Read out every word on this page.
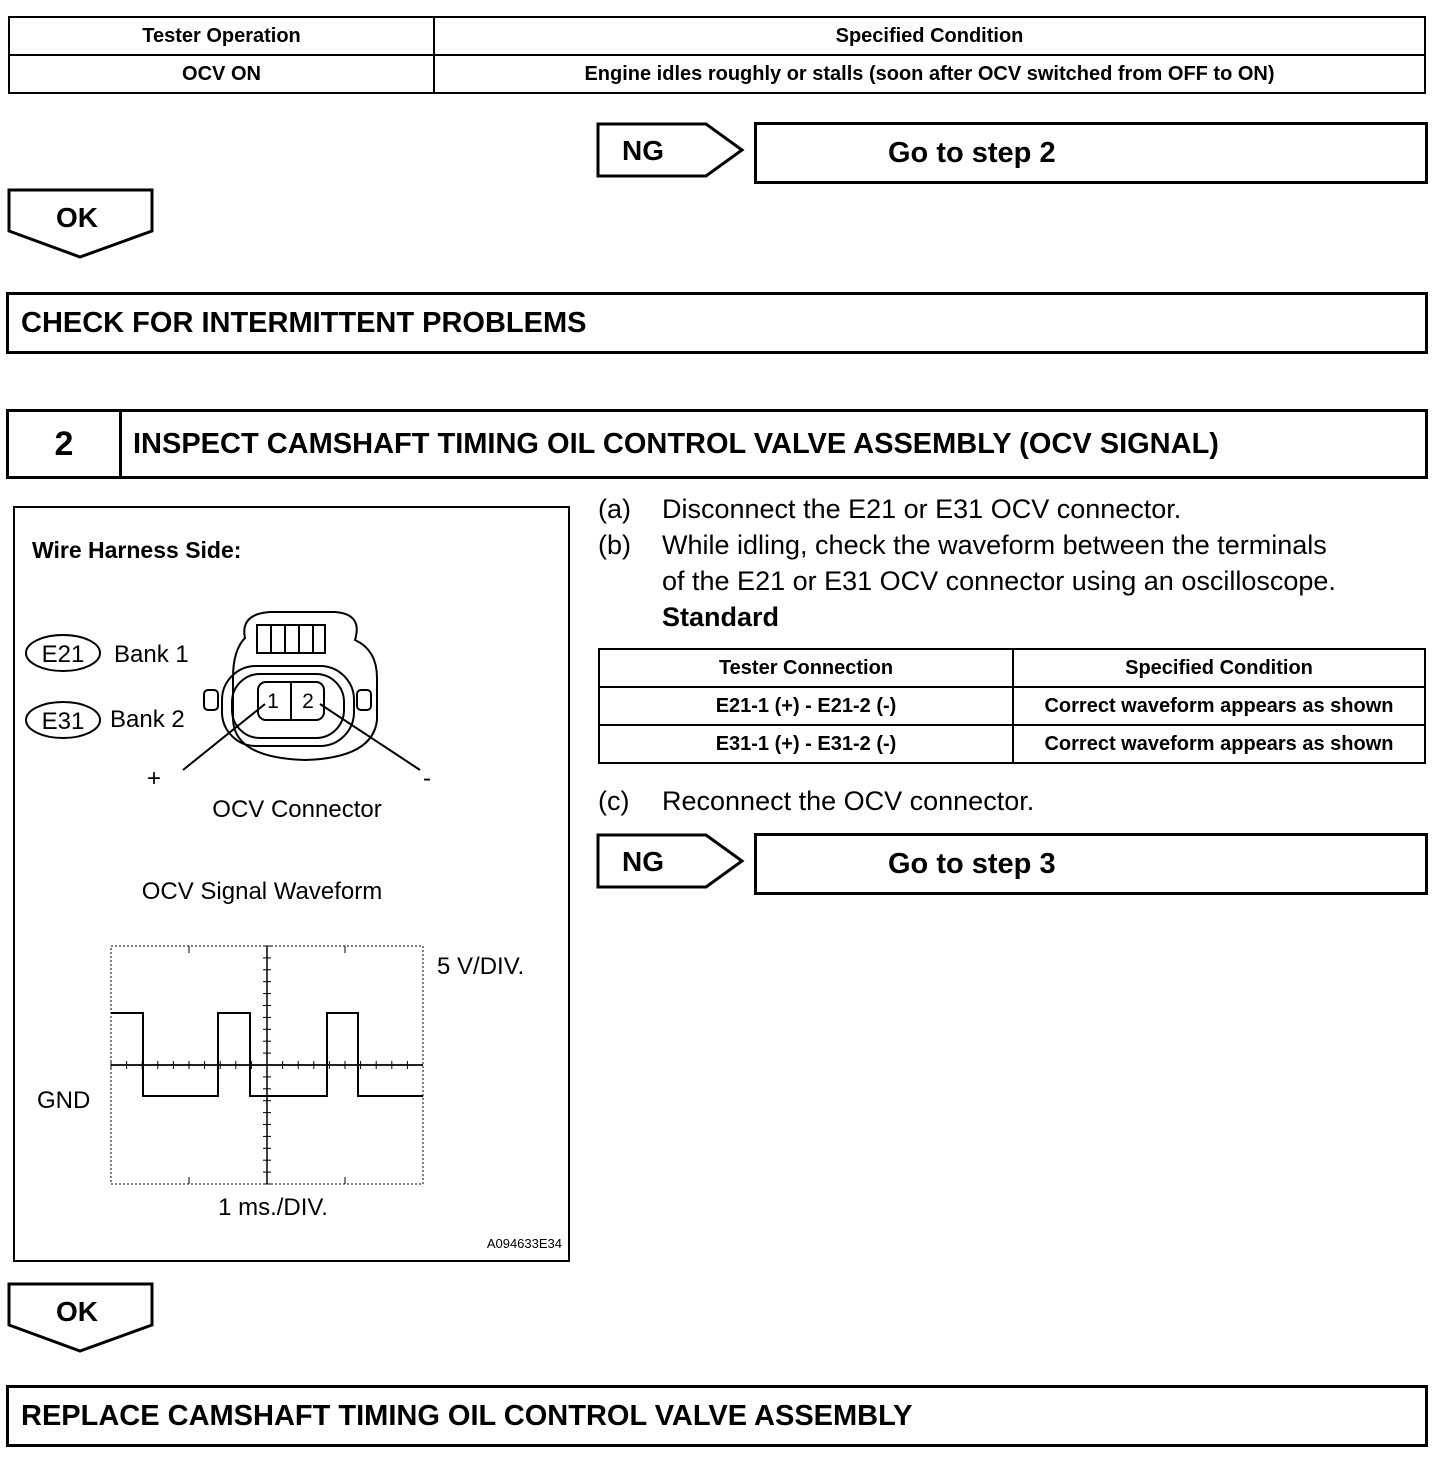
Tester Operation	Specified Condition
OCV ON	Engine idles roughly or stalls (soon after OCV switched from OFF to ON)
NG	Go to step 2
OK
CHECK FOR INTERMITTENT PROBLEMS
2	INSPECT CAMSHAFT TIMING OIL CONTROL VALVE ASSEMBLY (OCV SIGNAL)
Wire Harness Side:
E21 Bank 1
E31 Bank 2
1 2
+	-
OCV Connector
OCV Signal Waveform
5 V/DIV.
GND
1 ms./DIV.
A094633E34
(a) Disconnect the E21 or E31 OCV connector.
(b) While idling, check the waveform between the terminals
of the E21 or E31 OCV connector using an oscilloscope.
Standard
Tester Connection	Specified Condition
E21-1 (+) - E21-2 (-)	Correct waveform appears as shown
E31-1 (+) - E31-2 (-)	Correct waveform appears as shown
(c) Reconnect the OCV connector.
NG	Go to step 3
OK
REPLACE CAMSHAFT TIMING OIL CONTROL VALVE ASSEMBLY
